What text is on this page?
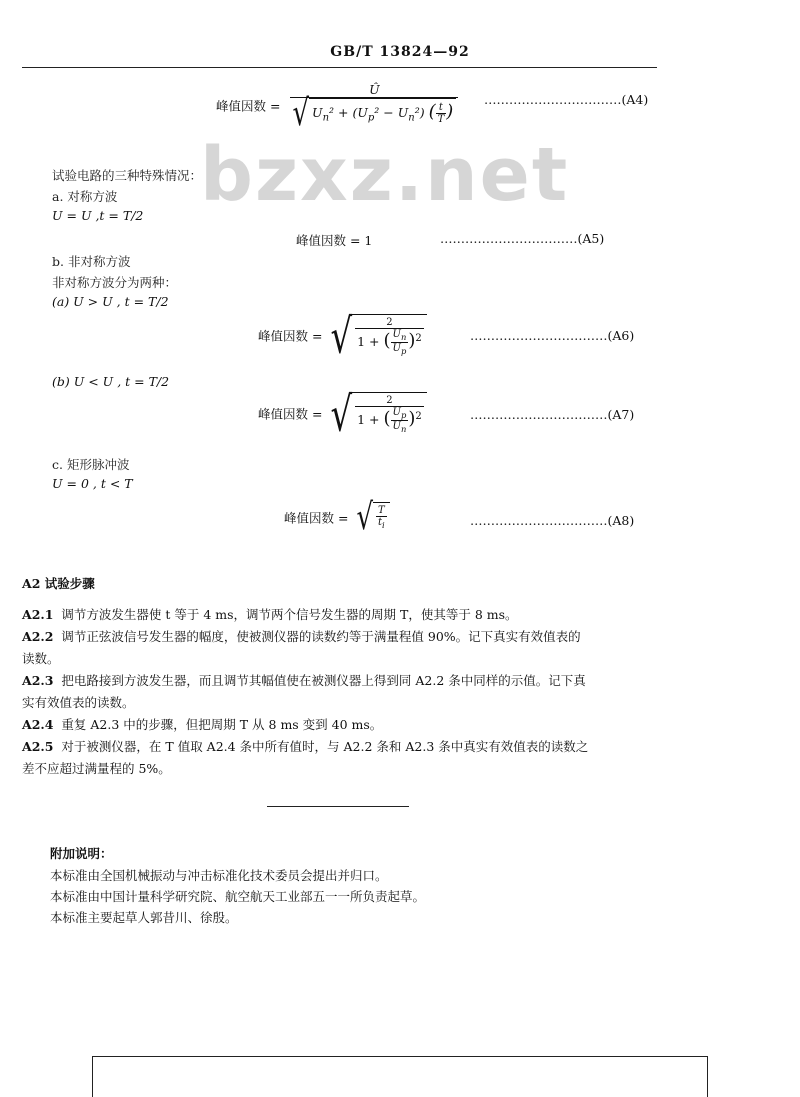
GB/T 13824—92
bzxz.net
峰值因数 = $\frac{Û}{√ U_n^2 + (U_p^2 - U_n^2) ( \frac{t}{T} )}$ ……………………………(A4)
试验电路的三种特殊情况：
a. 对称方波
U = U ,t = T/2
峰值因数 = 1	……………………………(A5)
b. 非对称方波
非对称方波分为两种：
(a) U > U , t = T/2
峰值因数 = √ $\frac{2}{1 + ( \frac{U_n}{U_p} )^2}$	……………………………(A6)
(b) U < U , t = T/2
峰值因数 = √ $\frac{2}{1 + ( \frac{U_p}{U_n} )^2}$	……………………………(A7)
c. 矩形脉冲波
U = 0 , t < T
峰值因数 = √ $\frac{T}{t_i}$	……………………………(A8)
A2 试验步骤
A2.1 调节方波发生器使 t 等于 4 ms，调节两个信号发生器的周期 T，使其等于 8 ms。
A2.2 调节正弦波信号发生器的幅度，使被测仪器的读数约等于满量程值 90%。记下真实有效值表的
读数。
A2.3 把电路接到方波发生器，而且调节其幅值使在被测仪器上得到同 A2.2 条中同样的示值。记下真
实有效值表的读数。
A2.4 重复 A2.3 中的步骤，但把周期 T 从 8 ms 变到 40 ms。
A2.5 对于被测仪器，在 T 值取 A2.4 条中所有值时，与 A2.2 条和 A2.3 条中真实有效值表的读数之
差不应超过满量程的 5%。
附加说明：
本标准由全国机械振动与冲击标准化技术委员会提出并归口。
本标准由中国计量科学研究院、航空航天工业部五一一所负责起草。
本标准主要起草人郭昔川、徐殷。
